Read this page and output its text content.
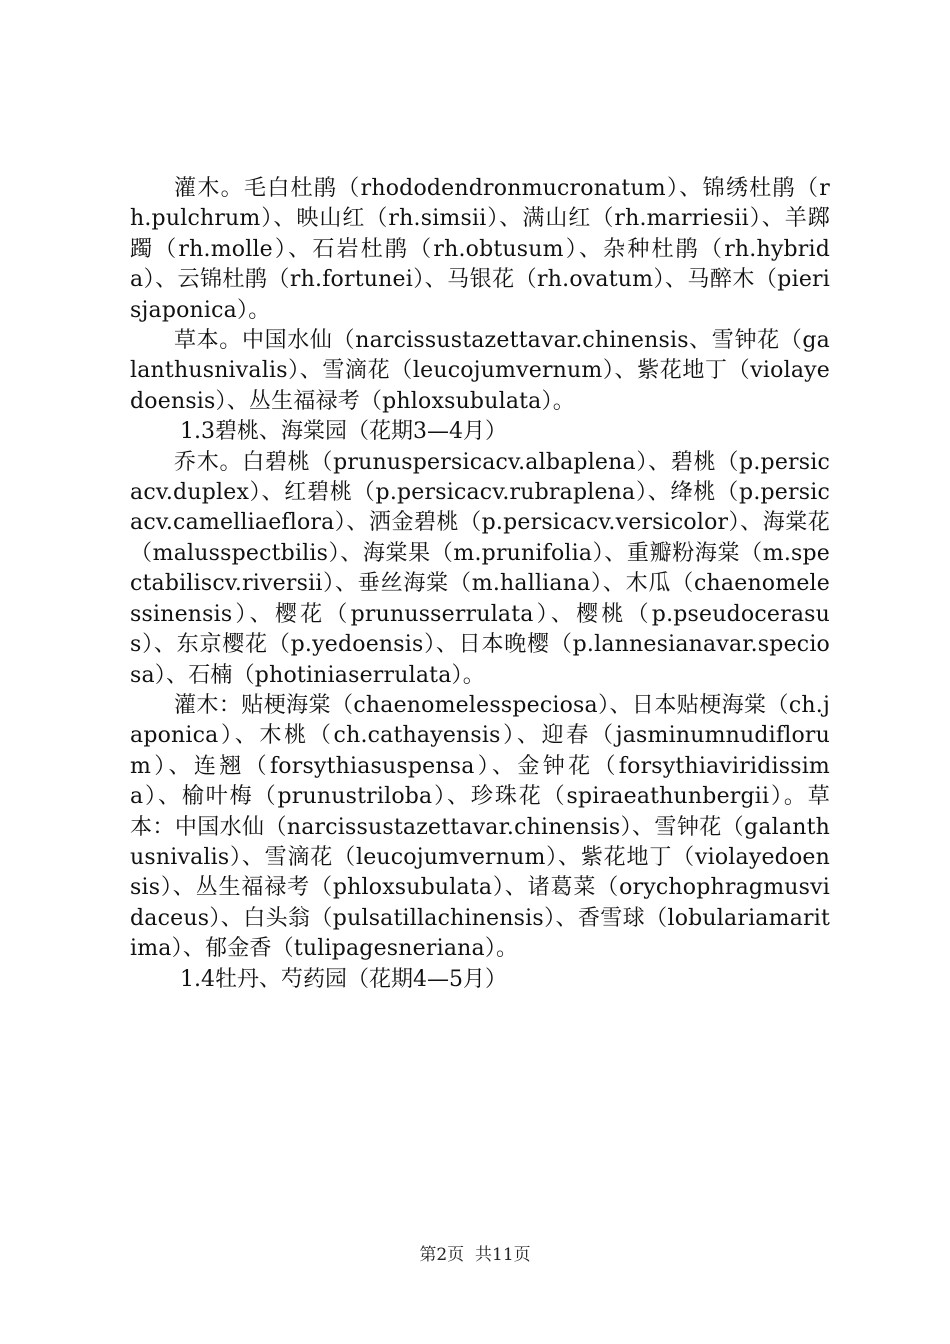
灌木。毛白杜鹃（rhododendronmucronatum）、锦绣杜鹃（rh.pulchrum）、映山红（rh.simsii）、满山红（rh.marriesii）、羊踯躅（rh.molle）、石岩杜鹃（rh.obtusum）、杂种杜鹃（rh.hybrida）、云锦杜鹃（rh.fortunei）、马银花（rh.ovatum）、马醉木（pierisjaponica）。

草本。中国水仙（narcissustazettavar.chinensis、雪钟花（galanthusnivalis）、雪滴花（leucojumvernum）、紫花地丁（violayedoensis）、丛生福禄考（phloxsubulata）。

1.3碧桃、海棠园（花期3—4月）

乔木。白碧桃（prunuspersicacv.albaplena）、碧桃（p.persicacv.duplex）、红碧桃（p.persicacv.rubraplena）、绛桃（p.persicacv.camelliaeflora）、洒金碧桃（p.persicacv.versicolor）、海棠花（malusspectbilis）、海棠果（m.prunifolia）、重瓣粉海棠（m.spectabiliscv.riversii）、垂丝海棠（m.halliana）、木瓜（chaenomelessinensis）、樱花（prunusserrulata）、樱桃（p.pseudocerasus）、东京樱花（p.yedoensis）、日本晚樱（p.lannesianavar.speciosa）、石楠（photiniaserrulata）。

灌木：贴梗海棠（chaenomelesspeciosa）、日本贴梗海棠（ch.japonica）、木桃（ch.cathayensis）、迎春（jasminumnudiflorum）、连翘（forsythiasuspensa）、金钟花（forsythiaviridissima）、榆叶梅（prunustriloba）、珍珠花（spiraeathunbergii）。草本：中国水仙（narcissustazettavar.chinensis）、雪钟花（galanthusnivalis）、雪滴花（leucojumvernum）、紫花地丁（violayedoensis）、丛生福禄考（phloxsubulata）、诸葛菜（orychophragmusvidaceus）、白头翁（pulsatillachinensis）、香雪球（lobulariamaritima）、郁金香（tulipagesneriana）。

1.4牡丹、芍药园（花期4—5月）

第2页 共11页
